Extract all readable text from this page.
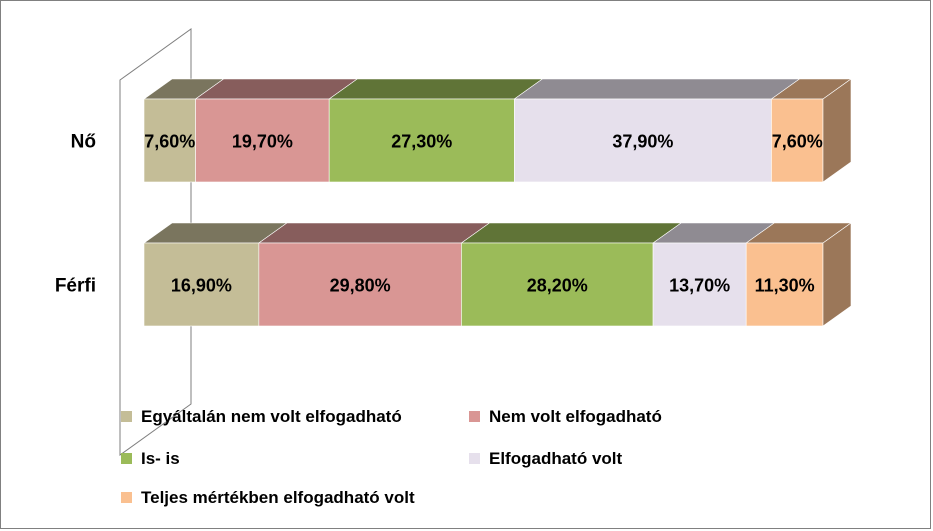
7,60% 19,70%	27,30%	37,90%	7,60%
16,90%	29,80%	28,20%	13,70% 11,30%
Nő
Férfi
Egyáltalán nem volt elfogadható	Nem volt elfogadható
Is- is	Elfogadható volt
Teljes mértékben elfogadható volt
